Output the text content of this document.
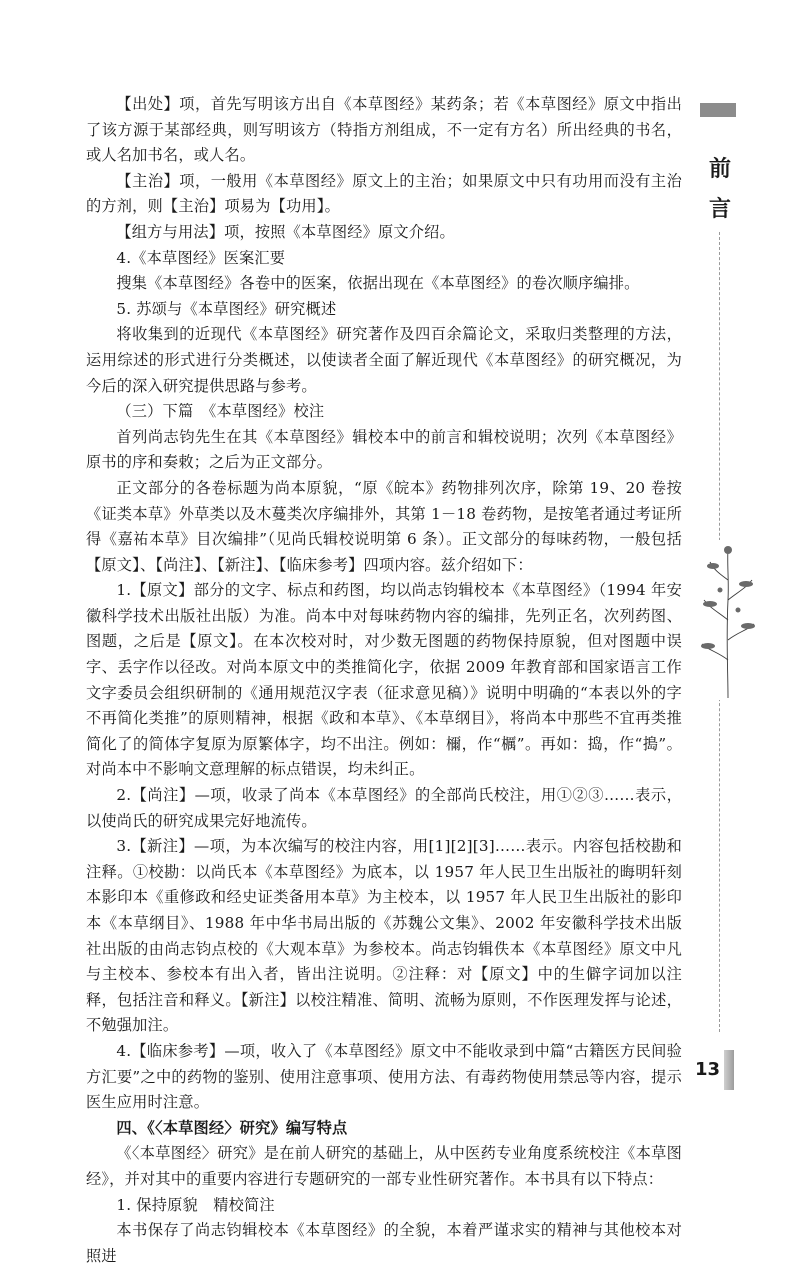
前
言

【出处】项，首先写明该方出自《本草图经》某药条；若《本草图经》原文中指出了该方源于某部经典，则写明该方（特指方剂组成，不一定有方名）所出经典的书名，或人名加书名，或人名。

【主治】项，一般用《本草图经》原文上的主治；如果原文中只有功用而没有主治的方剂，则【主治】项易为【功用】。

【组方与用法】项，按照《本草图经》原文介绍。

4.《本草图经》医案汇要

搜集《本草图经》各卷中的医案，依据出现在《本草图经》的卷次顺序编排。

5. 苏颂与《本草图经》研究概述

将收集到的近现代《本草图经》研究著作及四百余篇论文，采取归类整理的方法，运用综述的形式进行分类概述，以使读者全面了解近现代《本草图经》的研究概况，为今后的深入研究提供思路与参考。

（三）下篇　《本草图经》校注

首列尚志钧先生在其《本草图经》辑校本中的前言和辑校说明；次列《本草图经》原书的序和奏敕；之后为正文部分。

正文部分的各卷标题为尚本原貌，“原《皖本》药物排列次序，除第 19、20 卷按《证类本草》外草类以及木蔓类次序编排外，其第 1－18 卷药物，是按笔者通过考证所得《嘉祐本草》目次编排”（见尚氏辑校说明第 6 条）。正文部分的每味药物，一般包括【原文】、【尚注】、【新注】、【临床参考】四项内容。兹介绍如下：

1.【原文】部分的文字、标点和药图，均以尚志钧辑校本《本草图经》（1994 年安徽科学技术出版社出版）为准。尚本中对每味药物内容的编排，先列正名，次列药图、图题，之后是【原文】。在本次校对时，对少数无图题的药物保持原貌，但对图题中误字、丢字作以径改。对尚本原文中的类推简化字，依据 2009 年教育部和国家语言工作文字委员会组织研制的《通用规范汉字表（征求意见稿）》说明中明确的“本表以外的字不再简化类推”的原则精神，根据《政和本草》、《本草纲目》，将尚本中那些不宜再类推简化了的简体字复原为原繁体字，均不出注。例如：檷，作“櫔”。再如：捣，作“搗”。对尚本中不影响文意理解的标点错误，均未纠正。

2.【尚注】—项，收录了尚本《本草图经》的全部尚氏校注，用①②③……表示，以使尚氏的研究成果完好地流传。

3.【新注】—项，为本次编写的校注内容，用[1][2][3]……表示。内容包括校勘和注释。①校勘：以尚氏本《本草图经》为底本，以 1957 年人民卫生出版社的晦明轩刻本影印本《重修政和经史证类备用本草》为主校本，以 1957 年人民卫生出版社的影印本《本草纲目》、1988 年中华书局出版的《苏魏公文集》、2002 年安徽科学技术出版社出版的由尚志钧点校的《大观本草》为参校本。尚志钧辑佚本《本草图经》原文中凡与主校本、参校本有出入者，皆出注说明。②注释：对【原文】中的生僻字词加以注释，包括注音和释义。【新注】以校注精准、简明、流畅为原则，不作医理发挥与论述，不勉强加注。

4.【临床参考】—项，收入了《本草图经》原文中不能收录到中篇“古籍医方民间验方汇要”之中的药物的鉴别、使用注意事项、使用方法、有毒药物使用禁忌等内容，提示医生应用时注意。

四、《〈本草图经〉研究》编写特点

《〈本草图经〉研究》是在前人研究的基础上，从中医药专业角度系统校注《本草图经》，并对其中的重要内容进行专题研究的一部专业性研究著作。本书具有以下特点：

1. 保持原貌　精校简注

本书保存了尚志钧辑校本《本草图经》的全貌，本着严谨求实的精神与其他校本对照进

13
